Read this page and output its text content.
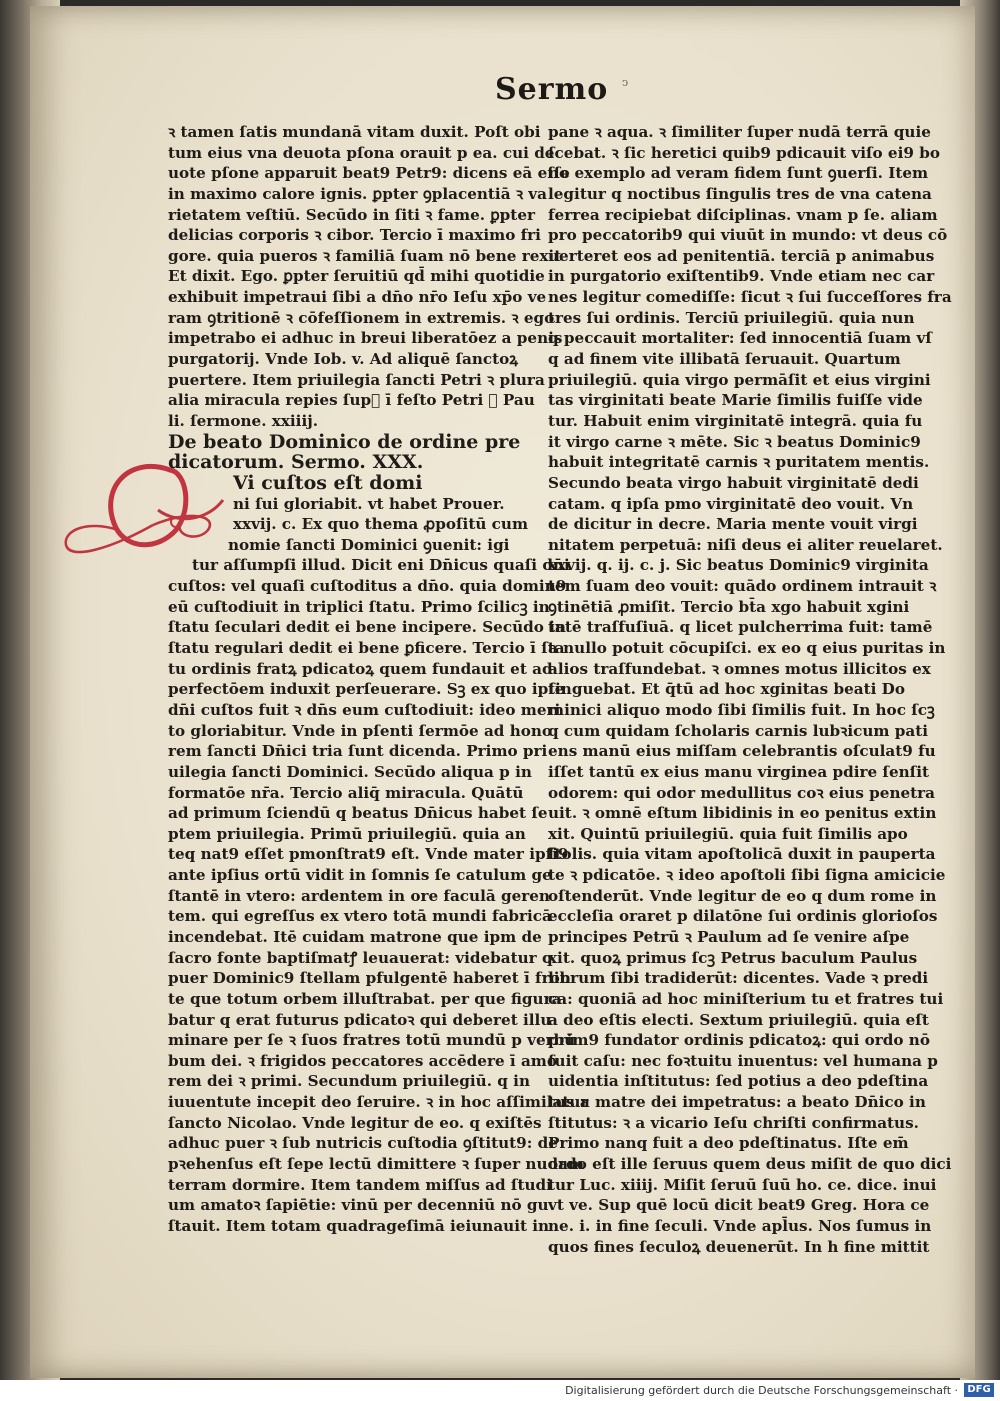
Sermo ↄ
ꝛ tamen ſatis mundanā vitam duxit. Poſt obi
tum eius vna deuota pſona orauit p ea. cui de
uote pſone apparuit beat9 Petr9: dicens eā eſſe
in maximo calore ignis. ꝑpter ꝯplacentiā ꝛ va
rietatem veſtiū. Secūdo in ſiti ꝛ fame. ꝑpter
delicias corporis ꝛ cibor. Tercio ī maximo fri
gore. quia pueros ꝛ familiā ſuam nō bene rexit
Et dixit. Ego. ꝑpter ſeruitiū qd̄ mihi quotidie
exhibuit impetraui ſibi a dn̄o nr̄o Ieſu xp̄o ve
ram ꝯtritionē ꝛ cōfeſſionem in extremis. ꝛ ego
impetrabo ei adhuc in breui liberatōez a penis
purgatorij. Vnde Iob. v. Ad aliquē ſanctoꝝ
puertere. Item priuilegia ſancti Petri ꝛ plura
alia miracula repies ſupᷓ ī feſto Petri ꝛ Pau
li. ſermone. xxiiij.
De beato Dominico de ordine pre
dicatorum. Sermo. XXX.
Vi cuſtos eſt domi
ni ſui gloriabit. vt habet Prouer.
xxvij. c. Ex quo thema ꝓpoſitū cum
nomie ſancti Dominici ꝯuenit: igi
tur aſſumpſi illud. Dicit eni Dn̄icus quaſi dn̄i
cuſtos: vel quaſi cuſtoditus a dn̄o. quia domin9
eū cuſtodiuit in triplici ſtatu. Primo ſcilicꝫ in
ſtatu ſeculari dedit ei bene incipere. Secūdo in
ſtatu regulari dedit ei bene ꝑficere. Tercio ī ſta
tu ordinis fratꝝ pdicatoꝝ quem fundauit et ad
perfectōem induxit perſeuerare. Sꝫ ex quo ipſe
dn̄i cuſtos fuit ꝛ dn̄s eum cuſtodiuit: ideo meri
to gloriabitur. Vnde in pſenti ſermōe ad hono
rem ſancti Dn̄ici tria ſunt dicenda. Primo pri
uilegia ſancti Dominici. Secūdo aliqua p in
formatōe nr̄a. Tercio aliq̄ miracula. Quātū
ad primum ſciendū q beatus Dn̄icus habet ſe
ptem priuilegia. Primū priuilegiū. quia an
teq nat9 eſſet pmonſtrat9 eſt. Vnde mater ipſi9
ante ipſius ortū vidit in ſomnis ſe catulum ge
ſtantē in vtero: ardentem in ore faculā geren
tem. qui egreſſus ex vtero totā mundi fabricā
incendebat. Itē cuidam matrone que ipm de
ſacro fonte baptiſmatꝭ leuauerat: videbatur q
puer Dominic9 ſtellam pfulgentē haberet ī fron
te que totum orbem illuſtrabat. per que figura
batur q erat futurus pdicatoꝛ qui deberet illu
minare per ſe ꝛ ſuos fratres totū mundū p verbū
bum dei. ꝛ frigidos peccatores accēdere ī amo
rem dei ꝛ primi. Secundum priuilegiū. q in
iuuentute incepit deo ſeruire. ꝛ in hoc aſſimilatur
ſancto Nicolao. Vnde legitur de eo. q exiſtēs
adhuc puer ꝛ ſub nutricis cuſtodia ꝯſtitut9: de
pꝛehenſus eſt ſepe lectū dimittere ꝛ ſuper nudam
terram dormire. Item tandem miſſus ad ſtudi
um amatoꝛ ſapiētie: vinū per decenniū nō gu
ſtauit. Item totam quadrageſimā ieiunauit in
pane ꝛ aqua. ꝛ ſimiliter ſuper nudā terrā quie
ſcebat. ꝛ ſic heretici quib9 pdicauit viſo ei9 bo
no exemplo ad veram fidem ſunt ꝯuerſi. Item
legitur q noctibus ſingulis tres de vna catena
ferrea recipiebat diſciplinas. vnam p ſe. aliam
pro peccatorib9 qui viuūt in mundo: vt deus cō
uerteret eos ad penitentiā. terciā p animabus
in purgatorio exiſtentib9. Vnde etiam nec car
nes legitur comediſſe: ſicut ꝛ ſui ſucceſſores fra
tres ſui ordinis. Terciū priuilegiū. quia nun
q peccauit mortaliter: ſed innocentiā ſuam vſ
q ad finem vite illibatā ſeruauit. Quartum
priuilegiū. quia virgo permāſit et eius virgini
tas virginitati beate Marie ſimilis fuiſſe vide
tur. Habuit enim virginitatē integrā. quia fu
it virgo carne ꝛ mēte. Sic ꝛ beatus Dominic9
habuit integritatē carnis ꝛ puritatem mentis.
Secundo beata virgo habuit virginitatē dedi
catam. q ipſa pmo virginitatē deo vouit. Vn
de dicitur in decre. Maria mente vouit virgi
nitatem perpetuā: niſi deus ei aliter reuelaret.
xxvij. q. ij. c. j. Sic beatus Dominic9 virginita
tem ſuam deo vouit: quādo ordinem intrauit ꝛ
ꝯtinētiā ꝓmiſit. Tercio bt̄a xgo habuit xgini
tatē traſfuſiuā. q licet pulcherrima fuit: tamē
a nullo potuit cōcupiſci. ex eo q eius puritas in
alios traſfundebat. ꝛ omnes motus illicitos ex
tinguebat. Et q̄tū ad hoc xginitas beati Do
minici aliquo modo ſibi ſimilis fuit. In hoc ſcꝫ
q cum quidam ſcholaris carnis lubꝛicum pati
ens manū eius miſſam celebrantis oſculat9 fu
iſſet tantū ex eius manu virginea pdire ſenſit
odorem: qui odor medullitus coꝛ eius penetra
uit. ꝛ omnē eſtum libidinis in eo penitus extin
xit. Quintū priuilegiū. quia fuit ſimilis apo
ſtolis. quia vitam apoſtolicā duxit in pauperta
te ꝛ pdicatōe. ꝛ ideo apoſtoli ſibi ſigna amicicie
oſtenderūt. Vnde legitur de eo q dum rome in
eccleſia oraret p dilatōne ſui ordinis glorioſos
principes Petrū ꝛ Paulum ad ſe venire aſpe
xit. quoꝝ primus ſcꝫ Petrus baculum Paulus
librum ſibi tradiderūt: dicentes. Vade ꝛ predi
ca: quoniā ad hoc miniſterium tu et fratres tui
a deo eſtis electi. Sextum priuilegiū. quia eſt
prim9 fundator ordinis pdicatoꝝ: qui ordo nō
fuit caſu: nec foꝛtuitu inuentus: vel humana p
uidentia inſtitutus: ſed potius a deo pdeſtina
tus a matre dei impetratus: a beato Dn̄ico in
ſtitutus: ꝛ a vicario Ieſu chriſti confirmatus.
Primo nanq fuit a deo pdeſtinatus. Iſte em̄
ordo eſt ille ſeruus quem deus miſit de quo dici
tur Luc. xiiij. Miſit ſeruū ſuū ho. ce. dice. inui
vt ve. Sup quē locū dicit beat9 Greg. Hora ce
ne. i. in fine ſeculi. Vnde apl̄us. Nos ſumus in
quos fines ſeculoꝝ deuenerūt. In h fine mittit
Digitalisierung gefördert durch die Deutsche Forschungsgemeinschaft · DFG
